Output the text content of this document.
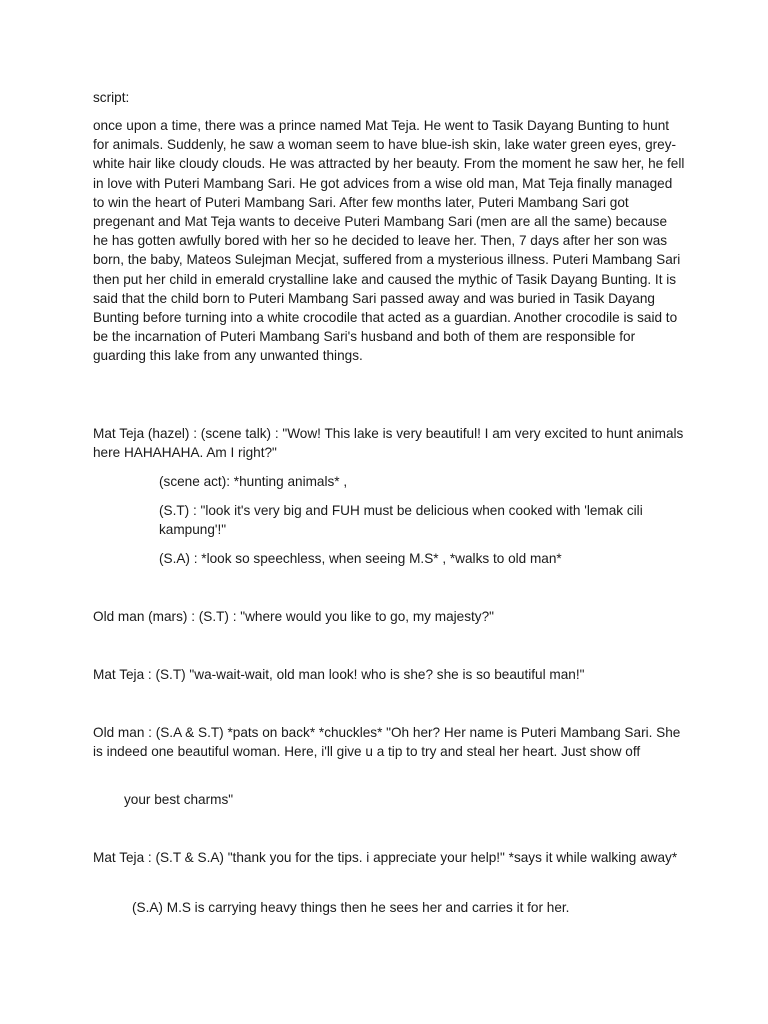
script:

once upon a time, there was a prince named Mat Teja. He went to Tasik Dayang Bunting to hunt for animals. Suddenly, he saw a woman seem to have blue-ish skin, lake water green eyes, grey-white hair like cloudy clouds. He was attracted by her beauty. From the moment he saw her, he fell in love with Puteri Mambang Sari. He got advices from a wise old man, Mat Teja finally managed to win the heart of Puteri Mambang Sari. After few months later, Puteri Mambang Sari got pregenant and Mat Teja wants to deceive Puteri Mambang Sari (men are all the same) because he has gotten awfully bored with her so he decided to leave her. Then, 7 days after her son was born, the baby, Mateos Sulejman Mecjat, suffered from a mysterious illness. Puteri Mambang Sari then put her child in emerald crystalline lake and caused the mythic of Tasik Dayang Bunting. It is said that the child born to Puteri Mambang Sari passed away and was buried in Tasik Dayang Bunting before turning into a white crocodile that acted as a guardian. Another crocodile is said to be the incarnation of Puteri Mambang Sari's husband and both of them are responsible for guarding this lake from any unwanted things.

Mat Teja (hazel) : (scene talk) : "Wow! This lake is very beautiful! I am very excited to hunt animals here HAHAHAHA. Am I right?"

(scene act): *hunting animals* ,

(S.T) : "look it's very big and FUH must be delicious when cooked with 'lemak cili kampung'!"

(S.A) : *look so speechless, when seeing M.S* , *walks to old man*

Old man (mars) : (S.T) : "where would you like to go, my majesty?"

Mat Teja : (S.T) "wa-wait-wait, old man look! who is she? she is so beautiful man!"

Old man : (S.A & S.T) *pats on back* *chuckles* "Oh her? Her name is Puteri Mambang Sari. She is indeed one beautiful woman. Here, i'll give u a tip to try and steal her heart. Just show off

your best charms"

Mat Teja : (S.T & S.A) "thank you for the tips. i appreciate your help!" *says it while walking away*

(S.A) M.S is carrying heavy things then he sees her and carries it for her.
